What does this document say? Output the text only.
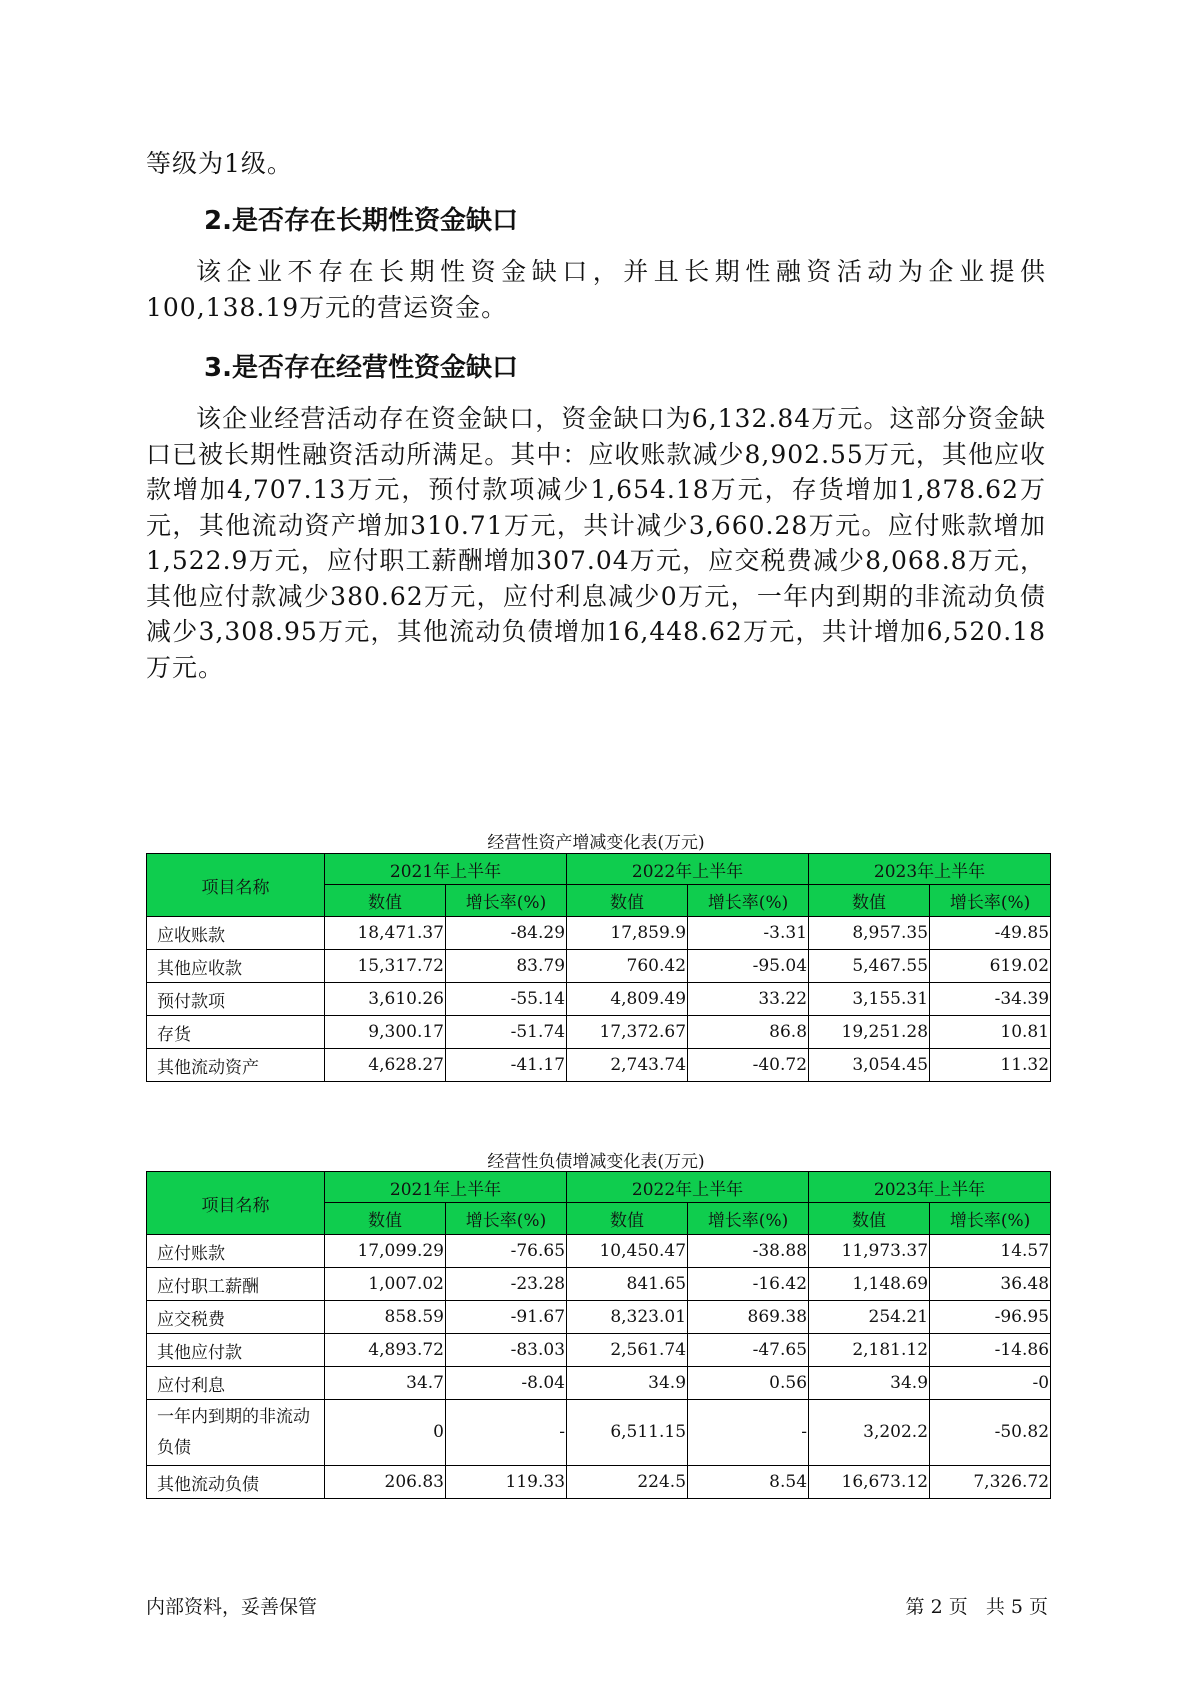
等级为1级。

2.是否存在长期性资金缺口

该企业不存在长期性资金缺口，并且长期性融资活动为企业提供100,138.19万元的营运资金。

3.是否存在经营性资金缺口

该企业经营活动存在资金缺口，资金缺口为6,132.84万元。这部分资金缺口已被长期性融资活动所满足。其中：应收账款减少8,902.55万元，其他应收款增加4,707.13万元，预付款项减少1,654.18万元，存货增加1,878.62万元，其他流动资产增加310.71万元，共计减少3,660.28万元。应付账款增加1,522.9万元，应付职工薪酬增加307.04万元，应交税费减少8,068.8万元，其他应付款减少380.62万元，应付利息减少0万元，一年内到期的非流动负债减少3,308.95万元，其他流动负债增加16,448.62万元，共计增加6,520.18万元。

经营性资产增减变化表(万元)

项目名称	2021年上半年		2022年上半年		2023年上半年	
	数值	增长率(%)	数值	增长率(%)	数值	增长率(%)
应收账款	18,471.37	-84.29	17,859.9	-3.31	8,957.35	-49.85
其他应收款	15,317.72	83.79	760.42	-95.04	5,467.55	619.02
预付款项	3,610.26	-55.14	4,809.49	33.22	3,155.31	-34.39
存货	9,300.17	-51.74	17,372.67	86.8	19,251.28	10.81
其他流动资产	4,628.27	-41.17	2,743.74	-40.72	3,054.45	11.32

经营性负债增减变化表(万元)

项目名称	2021年上半年		2022年上半年		2023年上半年	
	数值	增长率(%)	数值	增长率(%)	数值	增长率(%)
应付账款	17,099.29	-76.65	10,450.47	-38.88	11,973.37	14.57
应付职工薪酬	1,007.02	-23.28	841.65	-16.42	1,148.69	36.48
应交税费	858.59	-91.67	8,323.01	869.38	254.21	-96.95
其他应付款	4,893.72	-83.03	2,561.74	-47.65	2,181.12	-14.86
应付利息	34.7	-8.04	34.9	0.56	34.9	-0
一年内到期的非流动负债	0	-	6,511.15	-	3,202.2	-50.82
其他流动负债	206.83	119.33	224.5	8.54	16,673.12	7,326.72

内部资料，妥善保管	第 2 页   共 5 页
